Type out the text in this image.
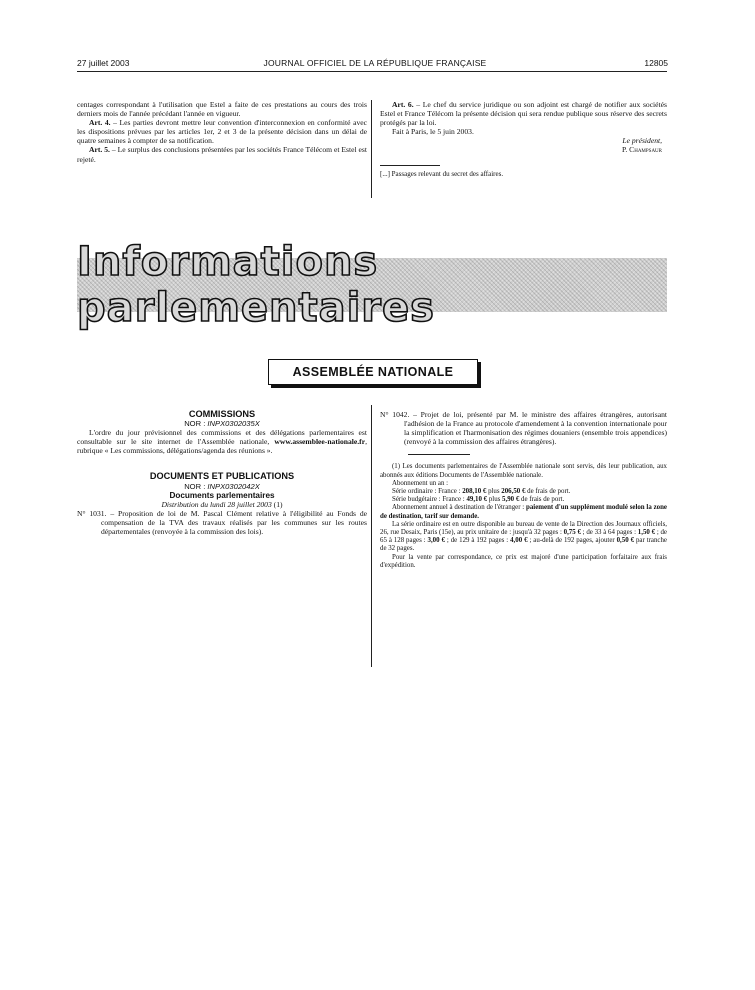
27 juillet 2003	JOURNAL OFFICIEL DE LA RÉPUBLIQUE FRANÇAISE	12805

centages correspondant à l'utilisation que Estel a faite de ces prestations au cours des trois derniers mois de l'année précédant l'année en vigueur.

Art. 4. – Les parties devront mettre leur convention d'interconnexion en conformité avec les dispositions prévues par les articles 1er, 2 et 3 de la présente décision dans un délai de quatre semaines à compter de sa notification.

Art. 5. – Le surplus des conclusions présentées par les sociétés France Télécom et Estel est rejeté.

Art. 6. – Le chef du service juridique ou son adjoint est chargé de notifier aux sociétés Estel et France Télécom la présente décision qui sera rendue publique sous réserve des secrets protégés par la loi.

Fait à Paris, le 5 juin 2003.

Le président,

P. Champsaur

[...] Passages relevant du secret des affaires.

Informations parlementaires
ASSEMBLÉE NATIONALE

COMMISSIONS

NOR : INPX0302035X

L'ordre du jour prévisionnel des commissions et des délégations parlementaires est consultable sur le site internet de l'Assemblée nationale, www.assemblee-nationale.fr, rubrique « Les commissions, délégations/agenda des réunions ».

DOCUMENTS ET PUBLICATIONS

NOR : INPX0302042X

Documents parlementaires

Distribution du lundi 28 juillet 2003 (1)

N° 1031. – Proposition de loi de M. Pascal Clément relative à l'éligibilité au Fonds de compensation de la TVA des travaux réalisés par les communes sur les routes départementales (renvoyée à la commission des lois).

N° 1042. – Projet de loi, présenté par M. le ministre des affaires étrangères, autorisant l'adhésion de la France au protocole d'amendement à la convention internationale pour la simplification et l'harmonisation des régimes douaniers (ensemble trois appendices) (renvoyé à la commission des affaires étrangères).

(1) Les documents parlementaires de l'Assemblée nationale sont servis, dès leur publication, aux abonnés aux éditions Documents de l'Assemblée nationale.

Abonnement un an :

Série ordinaire : France : 208,10 € plus 206,50 € de frais de port.

Série budgétaire : France : 49,10 € plus 5,90 € de frais de port.

Abonnement annuel à destination de l'étranger : paiement d'un supplément modulé selon la zone de destination, tarif sur demande.

La série ordinaire est en outre disponible au bureau de vente de la Direction des Journaux officiels, 26, rue Desaix, Paris (15e), au prix unitaire de : jusqu'à 32 pages : 0,75 € ; de 33 à 64 pages : 1,50 € ; de 65 à 128 pages : 3,00 € ; de 129 à 192 pages : 4,00 € ; au-delà de 192 pages, ajouter 0,50 € par tranche de 32 pages.

Pour la vente par correspondance, ce prix est majoré d'une participation forfaitaire aux frais d'expédition.
